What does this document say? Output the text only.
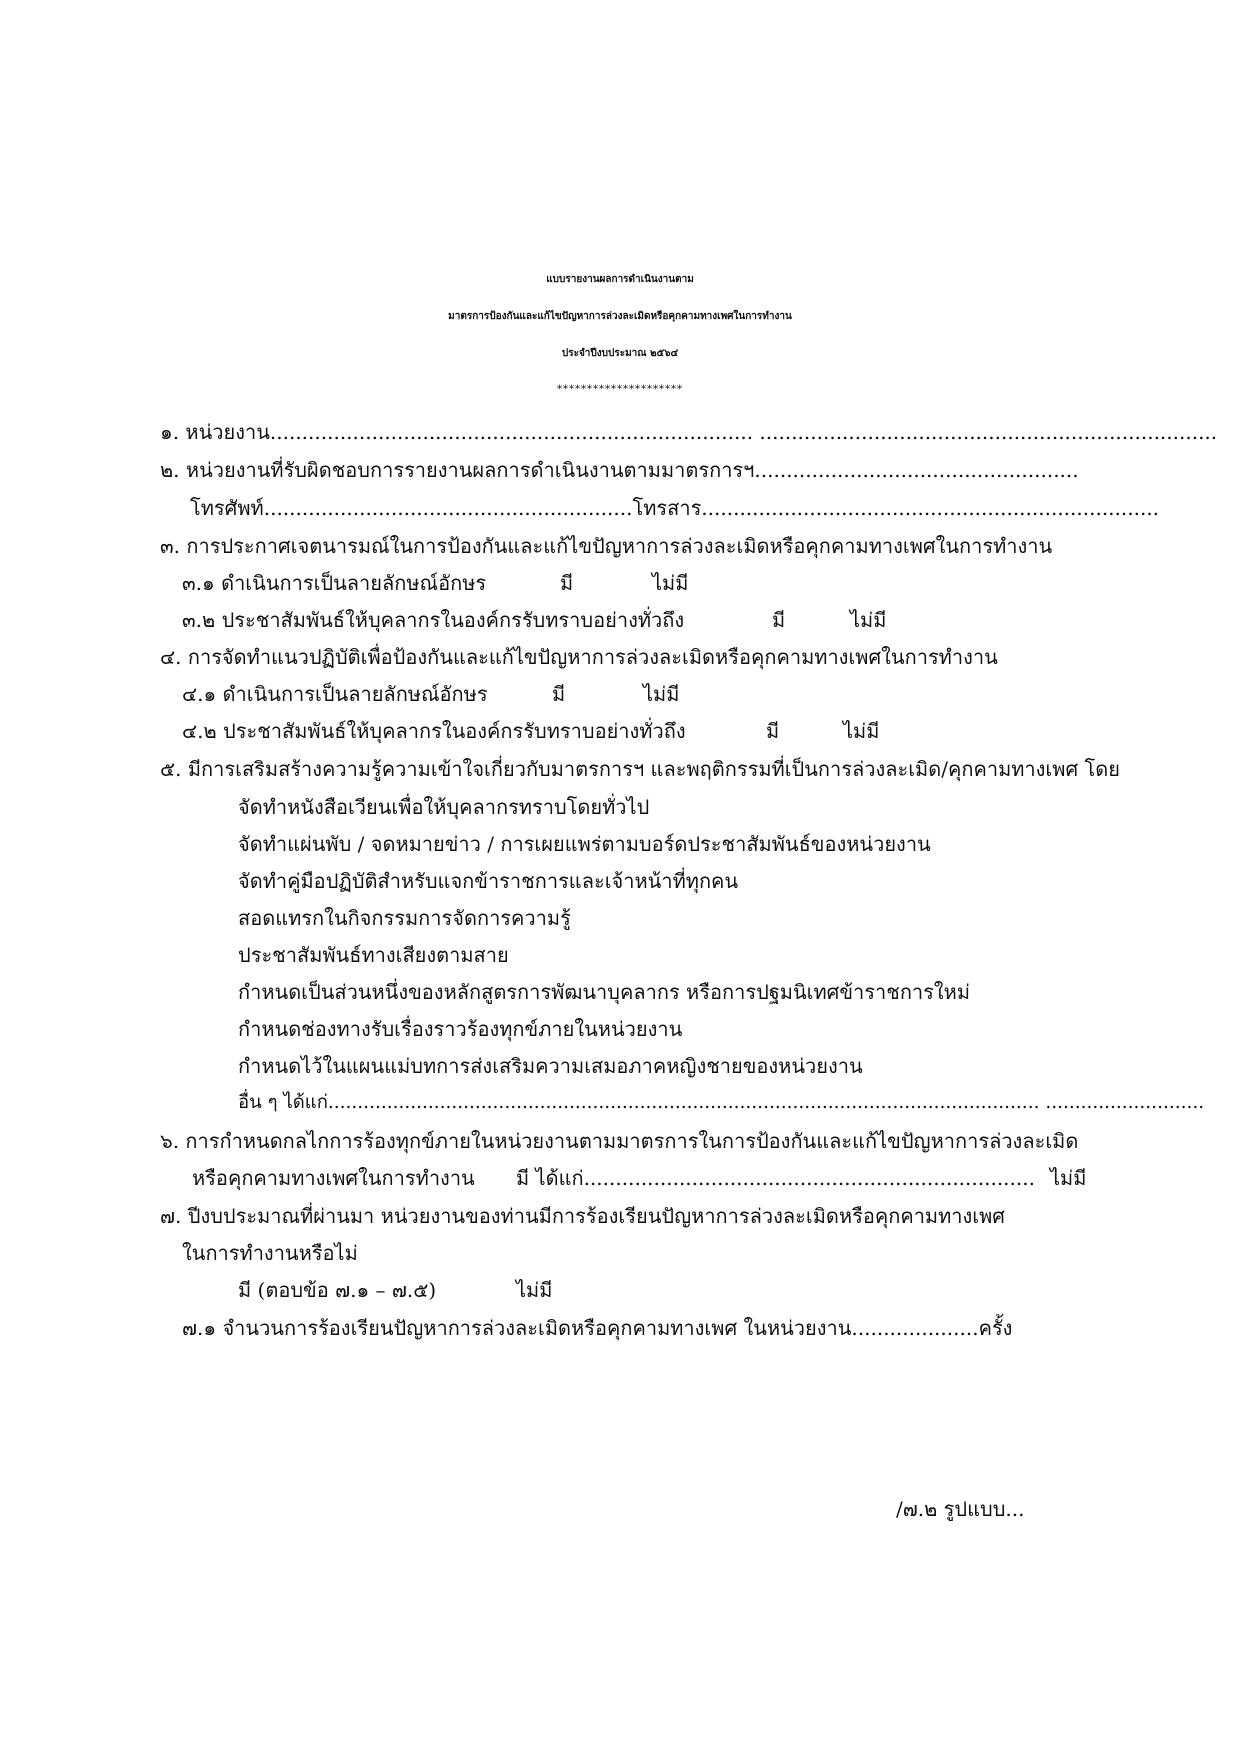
แบบรายงานผลการดำเนินงานตาม
มาตรการป้องกันและแก้ไขปัญหาการล่วงละเมิดหรือคุกคามทางเพศในการทำงาน
ประจำปีงบประมาณ ๒๕๖๔
*********************
๑. หน่วยงาน............................................................................ ........................................................................
๒. หน่วยงานที่รับผิดชอบการรายงานผลการดำเนินงานตามมาตรการฯ...................................................
โทรศัพท์..........................................................โทรสาร........................................................................
๓. การประกาศเจตนารมณ์ในการป้องกันและแก้ไขปัญหาการล่วงละเมิดหรือคุกคามทางเพศในการทำงาน
๓.๑ ดำเนินการเป็นลายลักษณ์อักษร	มี	ไม่มี
๓.๒ ประชาสัมพันธ์ให้บุคลากรในองค์กรรับทราบอย่างทั่วถึง	มี	ไม่มี
๔. การจัดทำแนวปฏิบัติเพื่อป้องกันและแก้ไขปัญหาการล่วงละเมิดหรือคุกคามทางเพศในการทำงาน
๔.๑ ดำเนินการเป็นลายลักษณ์อักษร	มี	ไม่มี
๔.๒ ประชาสัมพันธ์ให้บุคลากรในองค์กรรับทราบอย่างทั่วถึง	มี	ไม่มี
๕. มีการเสริมสร้างความรู้ความเข้าใจเกี่ยวกับมาตรการฯ และพฤติกรรมที่เป็นการล่วงละเมิด/คุกคามทางเพศ โดย
จัดทำหนังสือเวียนเพื่อให้บุคลากรทราบโดยทั่วไป
จัดทำแผ่นพับ / จดหมายข่าว / การเผยแพร่ตามบอร์ดประชาสัมพันธ์ของหน่วยงาน
จัดทำคู่มือปฏิบัติสำหรับแจกข้าราชการและเจ้าหน้าที่ทุกคน
สอดแทรกในกิจกรรมการจัดการความรู้
ประชาสัมพันธ์ทางเสียงตามสาย
กำหนดเป็นส่วนหนึ่งของหลักสูตรการพัฒนาบุคลากร หรือการปฐมนิเทศข้าราชการใหม่
กำหนดช่องทางรับเรื่องราวร้องทุกข์ภายในหน่วยงาน
กำหนดไว้ในแผนแม่บทการส่งเสริมความเสมอภาคหญิงชายของหน่วยงาน
อื่น ๆ ได้แก่......................................................................................................................... ...........................
๖. การกำหนดกลไกการร้องทุกข์ภายในหน่วยงานตามมาตรการในการป้องกันและแก้ไขปัญหาการล่วงละเมิด
หรือคุกคามทางเพศในการทำงาน มี ได้แก่....................................................................... ไม่มี
๗. ปีงบประมาณที่ผ่านมา หน่วยงานของท่านมีการร้องเรียนปัญหาการล่วงละเมิดหรือคุกคามทางเพศ
ในการทำงานหรือไม่
มี (ตอบข้อ ๗.๑ – ๗.๕)	ไม่มี
๗.๑ จำนวนการร้องเรียนปัญหาการล่วงละเมิดหรือคุกคามทางเพศ ในหน่วยงาน....................ครั้ง
/๗.๒ รูปแบบ...
